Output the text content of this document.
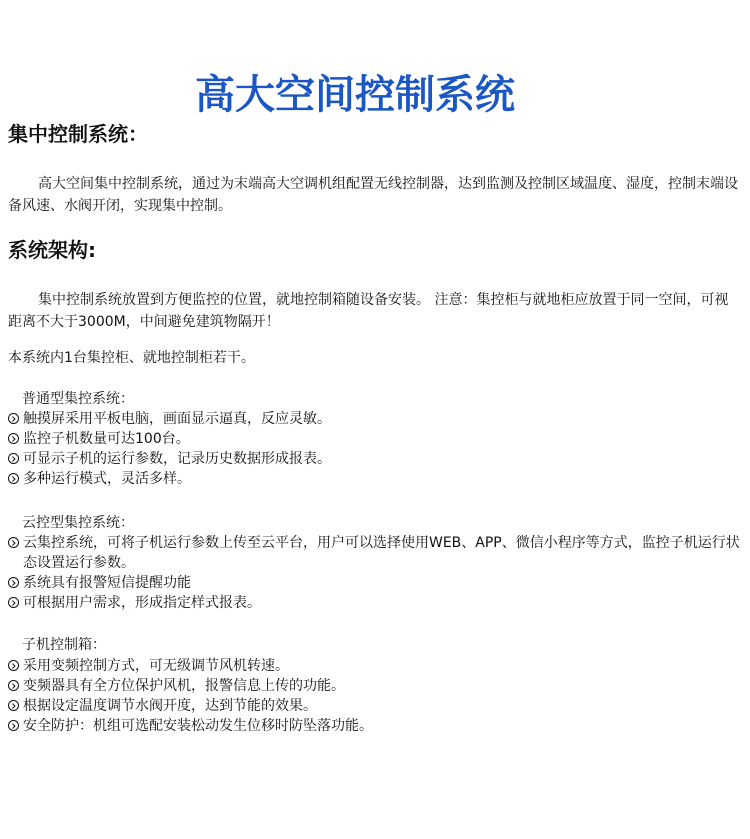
高大空间控制系统
集中控制系统：

高大空间集中控制系统，通过为末端高大空调机组配置无线控制器，达到监测及控制区域温度、湿度，控制末端设备风速、水阀开闭，实现集中控制。

系统架构:

集中控制系统放置到方便监控的位置，就地控制箱随设备安装。 注意：集控柜与就地柜应放置于同一空间，可视距离不大于3000M，中间避免建筑物隔开！

本系统内1台集控柜、就地控制柜若干。

普通型集控系统：

触摸屏采用平板电脑，画面显示逼真，反应灵敏。
监控子机数量可达100台。
可显示子机的运行参数，记录历史数据形成报表。
多种运行模式，灵活多样。

云控型集控系统：

云集控系统，可将子机运行参数上传至云平台，用户可以选择使用WEB、APP、微信小程序等方式，监控子机运行状态设置运行参数。
系统具有报警短信提醒功能
可根据用户需求，形成指定样式报表。

子机控制箱：

采用变频控制方式，可无级调节风机转速。
变频器具有全方位保护风机，报警信息上传的功能。
根据设定温度调节水阀开度，达到节能的效果。
安全防护：机组可选配安装松动发生位移时防坠落功能。
